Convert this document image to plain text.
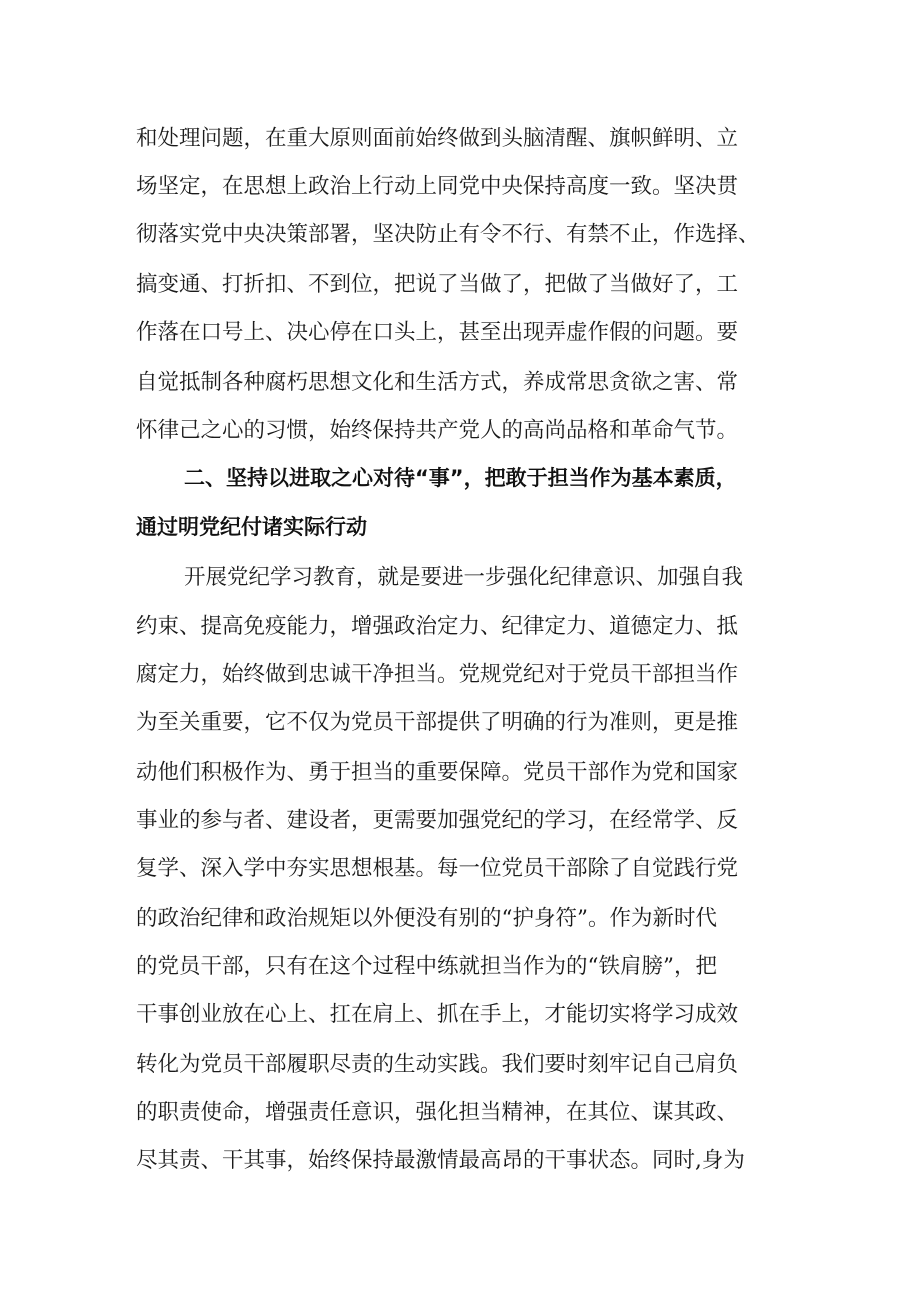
和处理问题，在重大原则面前始终做到头脑清醒、旗帜鲜明、立
场坚定，在思想上政治上行动上同党中央保持高度一致。坚决贯
彻落实党中央决策部署，坚决防止有令不行、有禁不止，作选择、
搞变通、打折扣、不到位，把说了当做了，把做了当做好了，工
作落在口号上、决心停在口头上，甚至出现弄虚作假的问题。要
自觉抵制各种腐朽思想文化和生活方式，养成常思贪欲之害、常
怀律己之心的习惯，始终保持共产党人的高尚品格和革命气节。
二、坚持以进取之心对待“事”，把敢于担当作为基本素质，
通过明党纪付诸实际行动
开展党纪学习教育，就是要进一步强化纪律意识、加强自我
约束、提高免疫能力，增强政治定力、纪律定力、道德定力、抵
腐定力，始终做到忠诚干净担当。党规党纪对于党员干部担当作
为至关重要，它不仅为党员干部提供了明确的行为准则，更是推
动他们积极作为、勇于担当的重要保障。党员干部作为党和国家
事业的参与者、建设者，更需要加强党纪的学习，在经常学、反
复学、深入学中夯实思想根基。每一位党员干部除了自觉践行党
的政治纪律和政治规矩以外便没有别的“护身符”。作为新时代
的党员干部，只有在这个过程中练就担当作为的“铁肩膀”，把
干事创业放在心上、扛在肩上、抓在手上，才能切实将学习成效
转化为党员干部履职尽责的生动实践。我们要时刻牢记自己肩负
的职责使命，增强责任意识，强化担当精神，在其位、谋其政、
尽其责、干其事，始终保持最激情最高昂的干事状态。同时,身为
